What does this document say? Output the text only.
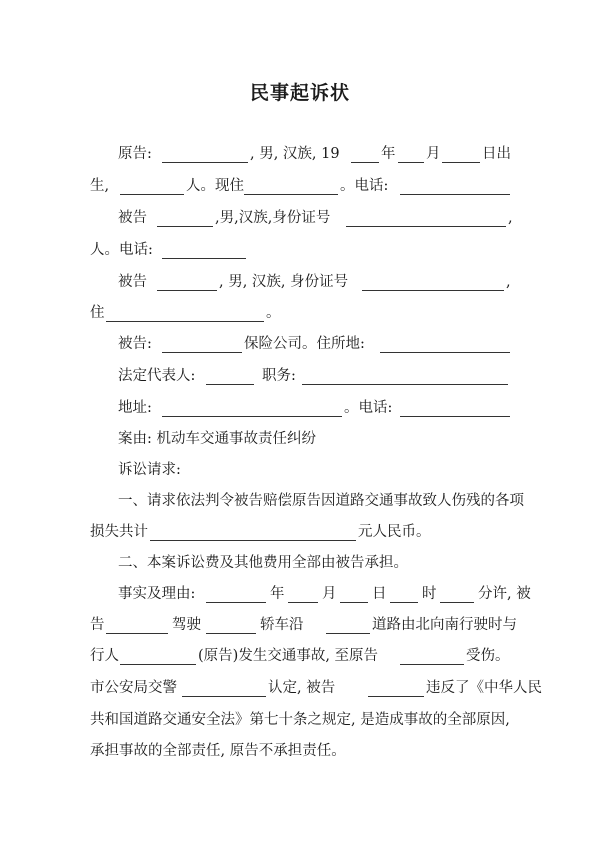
民事起诉状
原告:	, 男, 汉族, 19	年 月	日出
生,	人。现住	。电话:
被告	,男,汉族,身份证号	,
人。电话:
被告	, 男, 汉族, 身份证号	,
住	。
被告:	保险公司。住所地:
法定代表人:	职务:
地址:	。电话:
案由: 机动车交通事故责任纠纷
诉讼请求:
一、请求依法判令被告赔偿原告因道路交通事故致人伤残的各项
损失共计	元人民币。
二、本案诉讼费及其他费用全部由被告承担。
事实及理由:	年	月 日 时	分许, 被
告	驾驶	轿车沿	道路由北向南行驶时与
行人	(原告)发生交通事故, 至原告	受伤。
市公安局交警	认定, 被告	违反了《中华人民
共和国道路交通安全法》第七十条之规定, 是造成事故的全部原因,
承担事故的全部责任, 原告不承担责任。
